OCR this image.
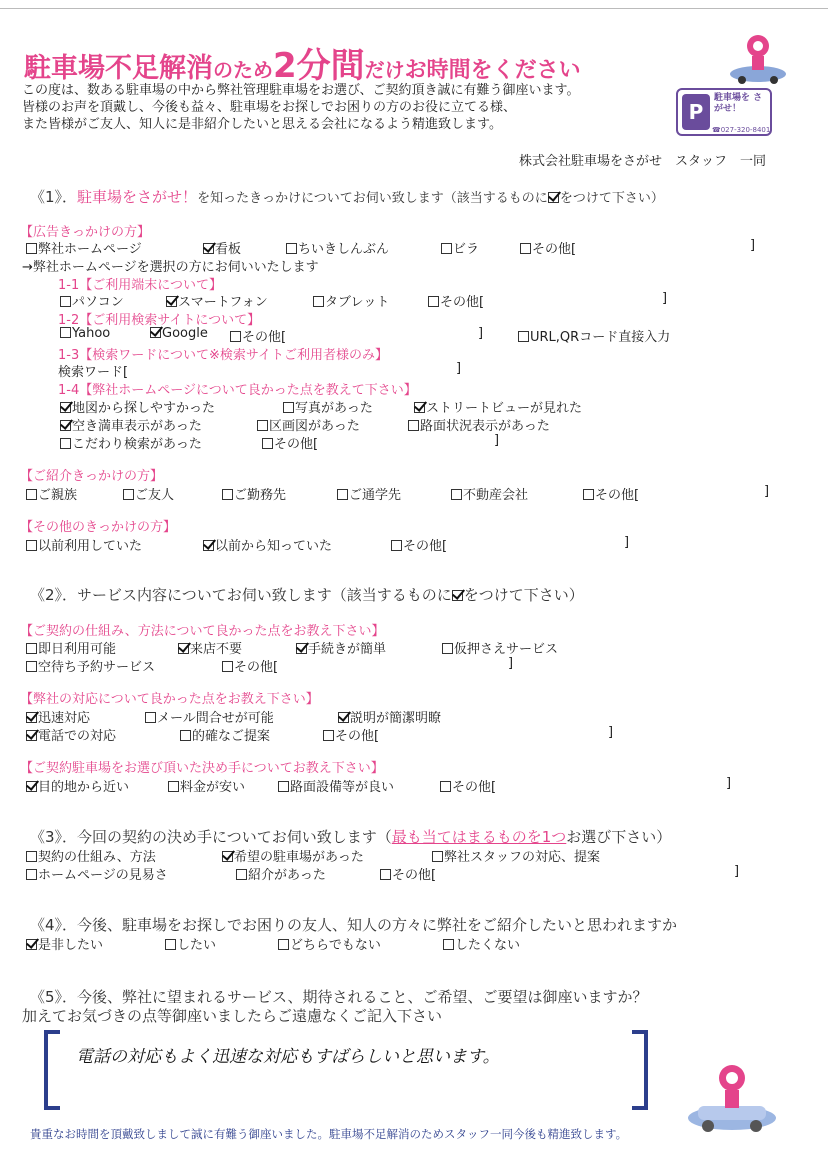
駐車場不足解消のため2分間だけお時間をください
この度は、数ある駐車場の中から弊社管理駐車場をお選び、ご契約頂き誠に有難う御座います。
皆様のお声を頂戴し、今後も益々、駐車場をお探しでお困りの方のお役に立てる様、
また皆様がご友人、知人に是非紹介したいと思える会社になるよう精進致します。
P
駐車場を さがせ！
☎027-320-8401
株式会社駐車場をさがせ　スタッフ　一同
《1》．駐車場をさがせ！を知ったきっかけについてお伺い致します（該当するものに をつけて下さい）
【広告きっかけの方】
弊社ホームページ	看板	ちいきしんぶん	ビラ	その他[	]
→弊社ホームページを選択の方にお伺いいたします
1-1【ご利用端末について】
パソコン	スマートフォン	タブレット	その他[	]
1-2【ご利用検索サイトについて】
Yahoo	Google	その他[	]	URL,QRコード直接入力
1-3【検索ワードについて※検索サイトご利用者様のみ】
検索ワード[	]
1-4【弊社ホームページについて良かった点を教えて下さい】
地図から探しやすかった	写真があった	ストリートビューが見れた
空き満車表示があった	区画図があった	路面状況表示があった
こだわり検索があった	その他[	]
【ご紹介きっかけの方】
ご親族	ご友人	ご勤務先	ご通学先	不動産会社	その他[	]
【その他のきっかけの方】
以前利用していた	以前から知っていた	その他[	]
《2》．サービス内容についてお伺い致します（該当するものに をつけて下さい）
【ご契約の仕組み、方法について良かった点をお教え下さい】
即日利用可能	来店不要	手続きが簡単	仮押さえサービス
空待ち予約サービス	その他[	]
【弊社の対応について良かった点をお教え下さい】
迅速対応	メール問合せが可能	説明が簡潔明瞭
電話での対応	的確なご提案	その他[	]
【ご契約駐車場をお選び頂いた決め手についてお教え下さい】
目的地から近い	料金が安い	路面設備等が良い	その他[	]
《3》．今回の契約の決め手についてお伺い致します（最も当てはまるものを1つお選び下さい）
契約の仕組み、方法	希望の駐車場があった	弊社スタッフの対応、提案
ホームページの見易さ	紹介があった	その他[	]
《4》．今後、駐車場をお探しでお困りの友人、知人の方々に弊社をご紹介したいと思われますか
是非したい	したい	どちらでもない	したくない
《5》．今後、弊社に望まれるサービス、期待されること、ご希望、ご要望は御座いますか？
加えてお気づきの点等御座いましたらご遠慮なくご記入下さい
電話の対応もよく迅速な対応もすばらしいと思います。
貴重なお時間を頂戴致しまして誠に有難う御座いました。駐車場不足解消のためスタッフ一同今後も精進致します。
